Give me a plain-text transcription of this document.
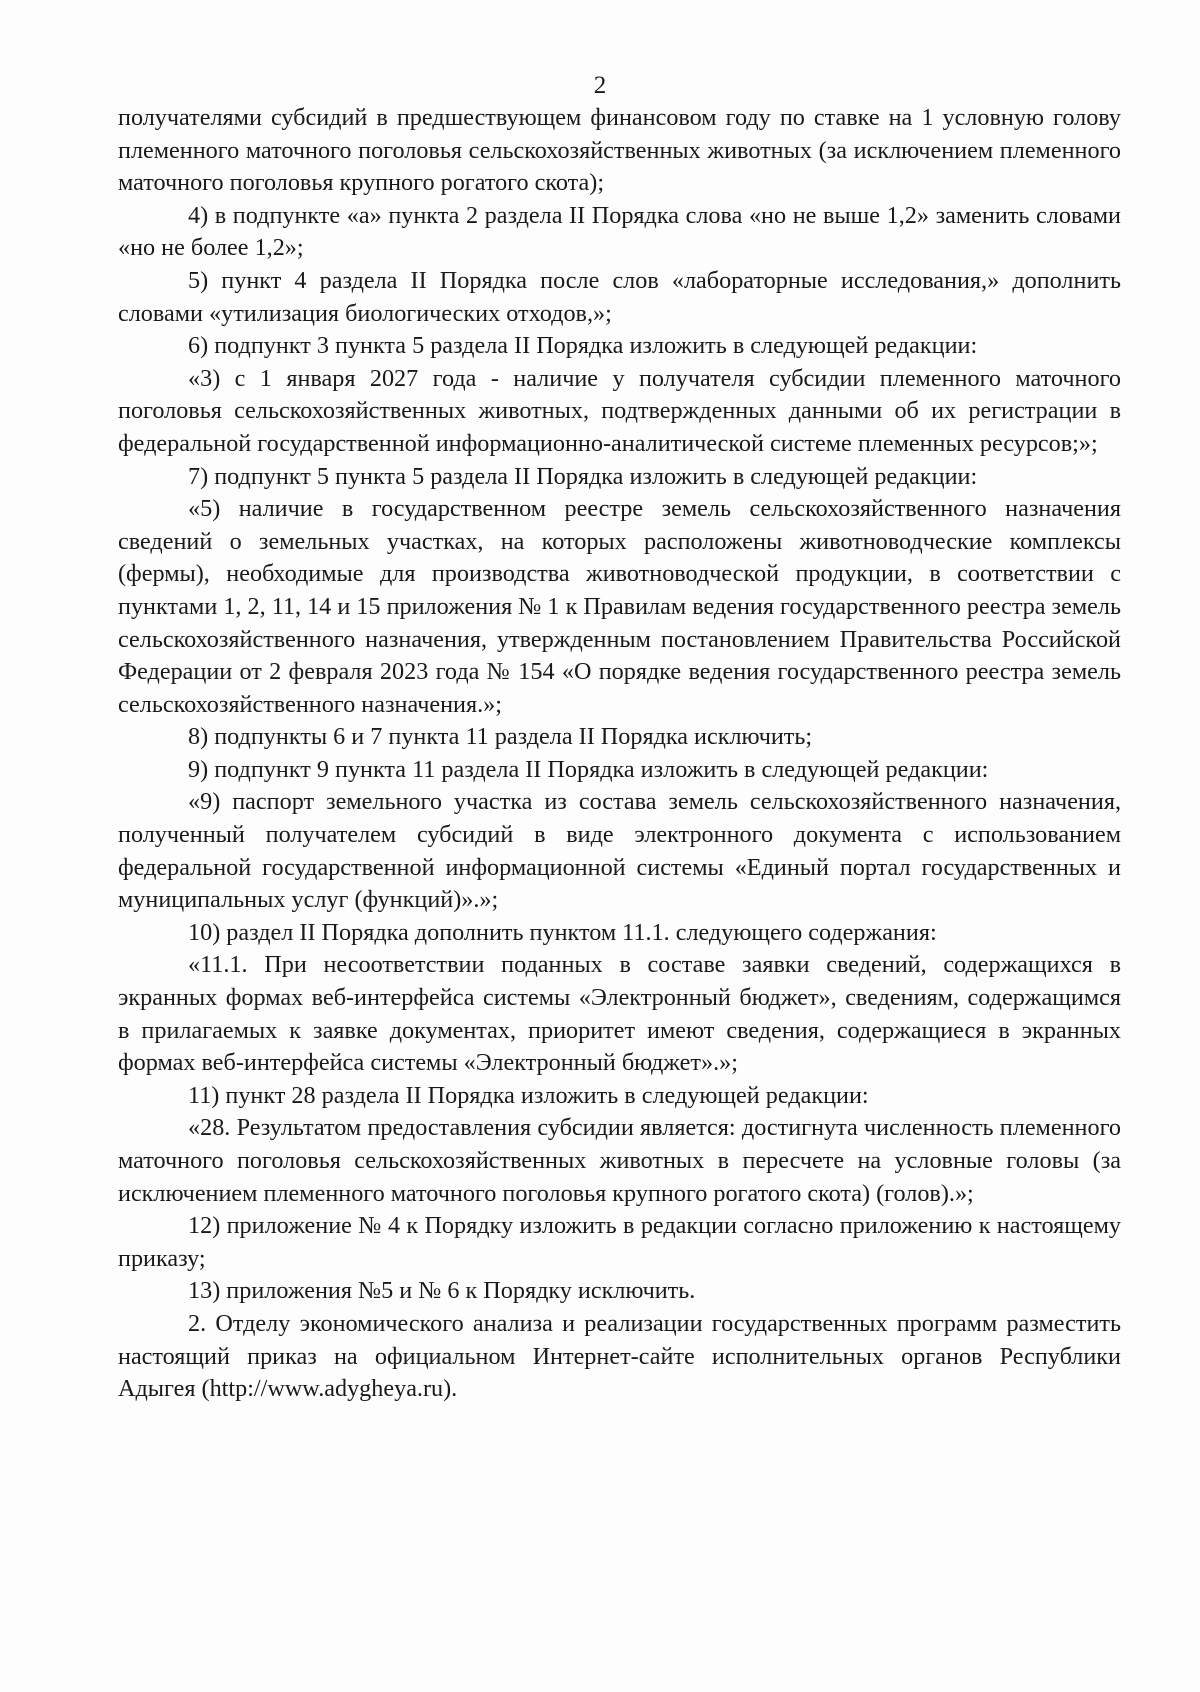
2

получателями субсидий в предшествующем финансовом году по ставке на 1 условную голову племенного маточного поголовья сельскохозяйственных животных (за исключением племенного маточного поголовья крупного рогатого скота);

4) в подпункте «а» пункта 2 раздела II Порядка слова «но не выше 1,2» заменить словами «но не более 1,2»;

5) пункт 4 раздела II Порядка после слов «лабораторные исследования,» дополнить словами «утилизация биологических отходов,»;

6) подпункт 3 пункта 5 раздела II Порядка изложить в следующей редакции:

«3) с 1 января 2027 года - наличие у получателя субсидии племенного маточного поголовья сельскохозяйственных животных, подтвержденных данными об их регистрации в федеральной государственной информационно-аналитической системе племенных ресурсов;»;

7) подпункт 5 пункта 5 раздела II Порядка изложить в следующей редакции:

«5) наличие в государственном реестре земель сельскохозяйственного назначения сведений о земельных участках, на которых расположены животноводческие комплексы (фермы), необходимые для производства животноводческой продукции, в соответствии с пунктами 1, 2, 11, 14 и 15 приложения № 1 к Правилам ведения государственного реестра земель сельскохозяйственного назначения, утвержденным постановлением Правительства Российской Федерации от 2 февраля 2023 года № 154 «О порядке ведения государственного реестра земель сельскохозяйственного назначения.»;

8) подпункты 6 и 7 пункта 11 раздела II Порядка исключить;

9) подпункт 9 пункта 11 раздела II Порядка изложить в следующей редакции:

«9) паспорт земельного участка из состава земель сельскохозяйственного назначения, полученный получателем субсидий в виде электронного документа с использованием федеральной государственной информационной системы «Единый портал государственных и муниципальных услуг (функций)».»;

10) раздел II Порядка дополнить пунктом 11.1. следующего содержания:

«11.1. При несоответствии поданных в составе заявки сведений, содержащихся в экранных формах веб-интерфейса системы «Электронный бюджет», сведениям, содержащимся в прилагаемых к заявке документах, приоритет имеют сведения, содержащиеся в экранных формах веб-интерфейса системы «Электронный бюджет».»;

11) пункт 28 раздела II Порядка изложить в следующей редакции:

«28. Результатом предоставления субсидии является: достигнута численность племенного маточного поголовья сельскохозяйственных животных в пересчете на условные головы (за исключением племенного маточного поголовья крупного рогатого скота) (голов).»;

12) приложение № 4 к Порядку изложить в редакции согласно приложению к настоящему приказу;

13) приложения №5 и № 6 к Порядку исключить.

2. Отделу экономического анализа и реализации государственных программ разместить настоящий приказ на официальном Интернет-сайте исполнительных органов Республики Адыгея (http://www.adygheya.ru).
